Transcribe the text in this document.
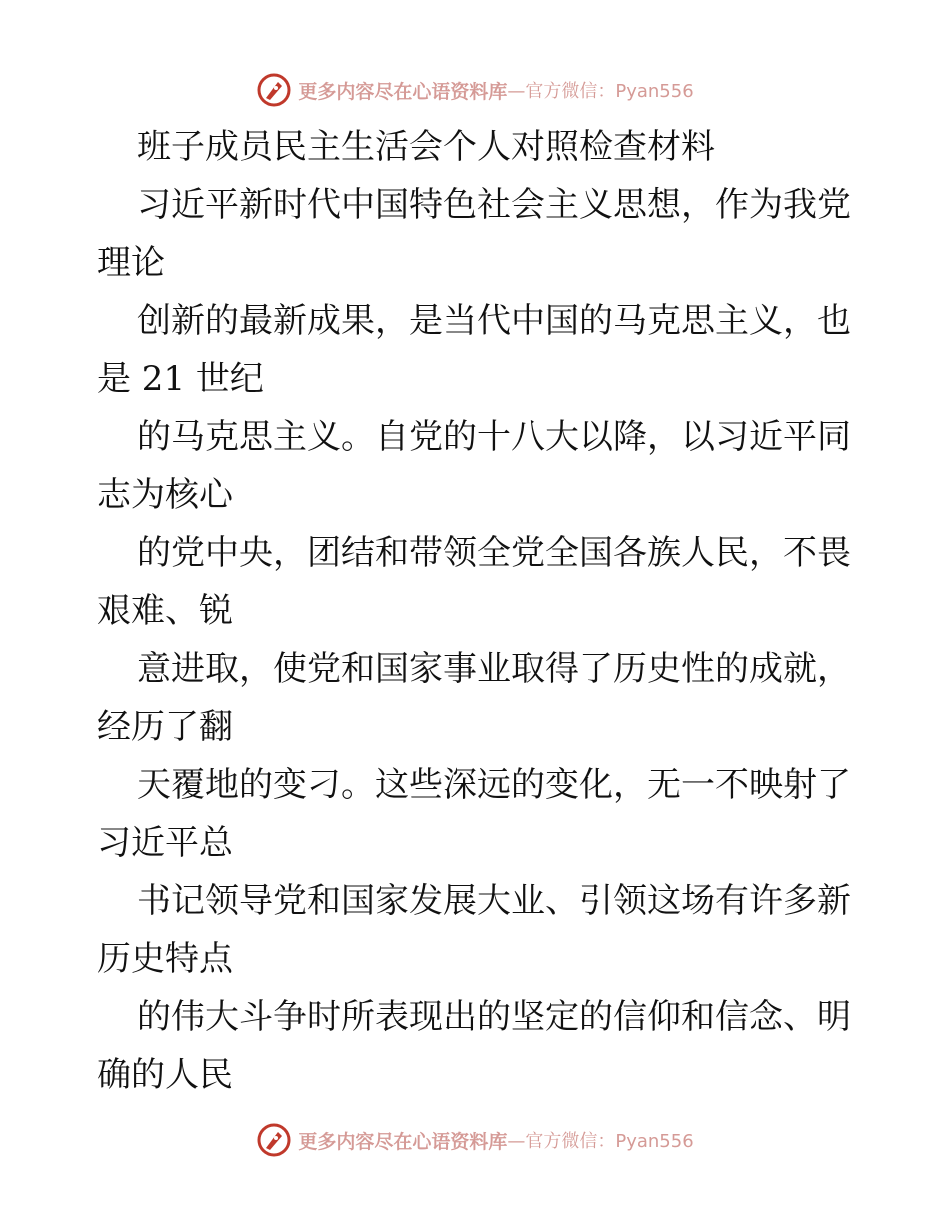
更多内容尽在心语资料库 —官方微信：Pyan556
班子成员民主生活会个人对照检查材料
习近平新时代中国特色社会主义思想，作为我党
理论
创新的最新成果，是当代中国的马克思主义，也
是 21 世纪
的马克思主义。自党的十八大以降，以习近平同
志为核心
的党中央，团结和带领全党全国各族人民，不畏
艰难、锐
意进取，使党和国家事业取得了历史性的成就，
经历了翻
天覆地的变刁。这些深远的变化，无一不映射了
习近平总
书记领导党和国家发展大业、引领这场有许多新
历史特点
的伟大斗争时所表现出的坚定的信仰和信念、明
确的人民
更多内容尽在心语资料库 —官方微信：Pyan556
